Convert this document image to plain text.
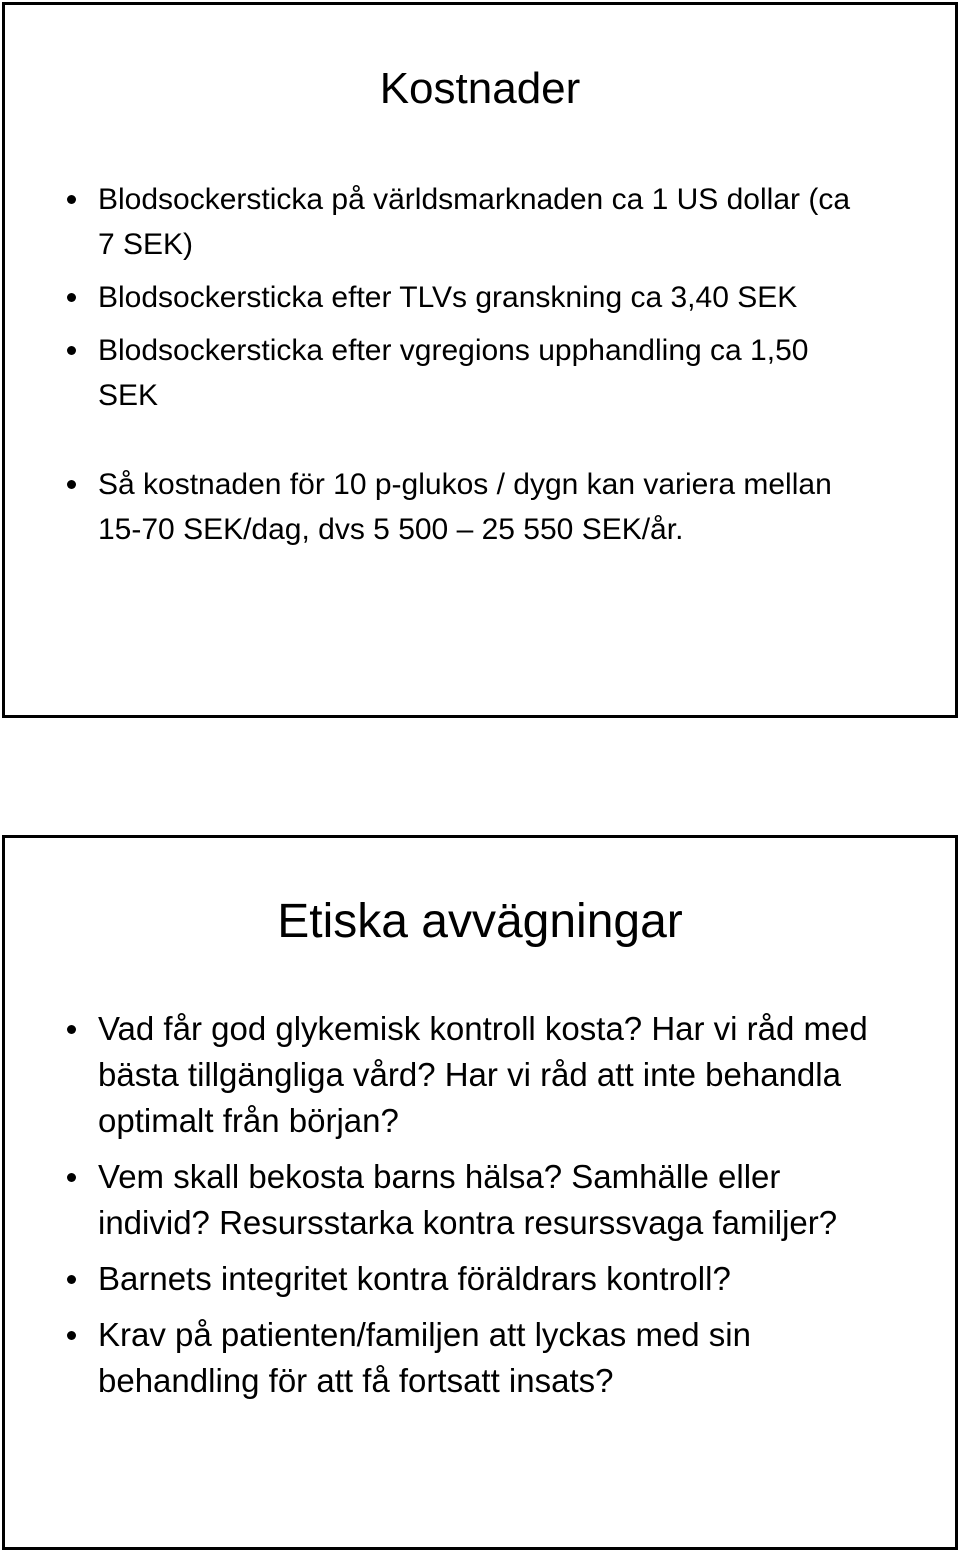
Kostnader
Blodsockersticka på världsmarknaden ca 1 US dollar (ca 7 SEK)
Blodsockersticka efter TLVs granskning ca 3,40 SEK
Blodsockersticka efter vgregions upphandling ca 1,50 SEK
Så kostnaden för 10 p-glukos / dygn kan variera mellan 15-70 SEK/dag, dvs 5 500 – 25 550 SEK/år.
Etiska avvägningar
Vad får god glykemisk kontroll kosta? Har vi råd med bästa tillgängliga vård? Har vi råd att inte behandla optimalt från början?
Vem skall bekosta barns hälsa? Samhälle eller individ? Resursstarka kontra resurssvaga familjer?
Barnets integritet kontra föräldrars kontroll?
Krav på patienten/familjen att lyckas med sin behandling för att få fortsatt insats?
